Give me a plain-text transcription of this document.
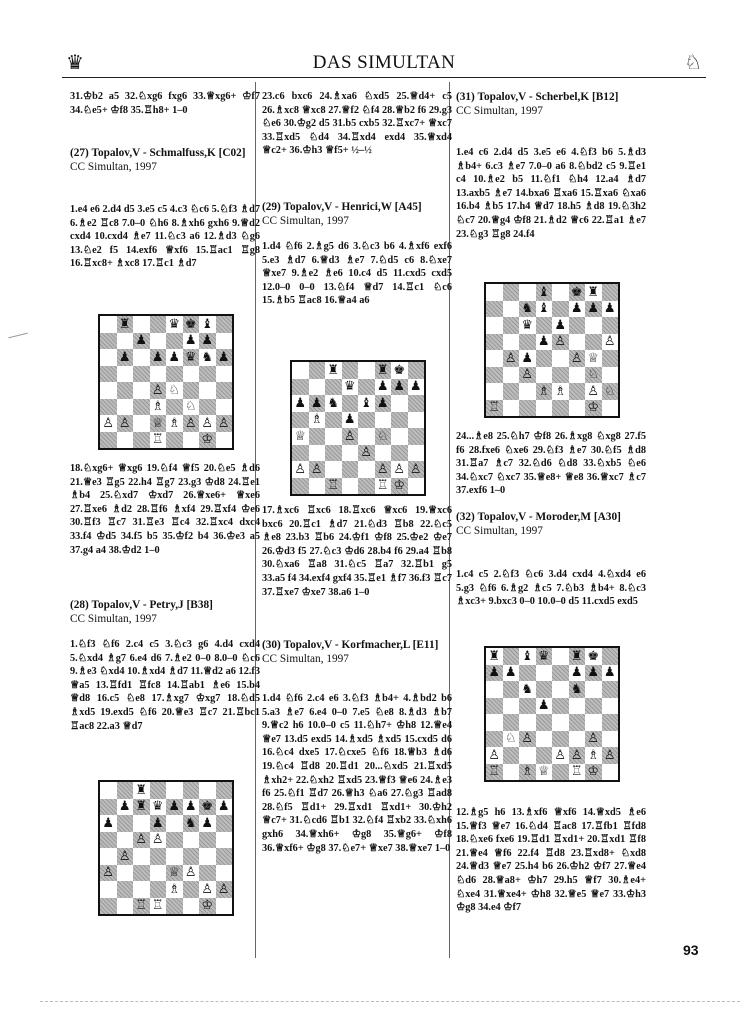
♛	DAS SIMULTAN	♘
31.♔b2 a5 32.♘xg6 fxg6 33.♕xg6+ ♔f7 34.♘e5+ ♔f8 35.♖h8+ 1–0
(27) Topalov,V - Schmalfuss,K [C02]
CC Simultan, 1997
1.e4 e6 2.d4 d5 3.e5 c5 4.c3 ♘c6 5.♘f3 ♗d7 6.♗e2 ♖c8 7.0–0 ♘h6 8.♗xh6 gxh6 9.♕d2 cxd4 10.cxd4 ♗e7 11.♘c3 a6 12.♗d3 ♘g6 13.♘e2 f5 14.exf6 ♕xf6 15.♖ac1 ♖g8 16.♖xc8+ ♗xc8 17.♖c1 ♗d7
♜	♛ ♚ ♝
♟	♟ ♟
♟ ♟ ♟ ♛ ♞ ♟
♙ ♘
♗ ♘
♙ ♙ ♕ ♗ ♙ ♙ ♙
♖	♔
18.♘xg6+ ♕xg6 19.♘f4 ♕f5 20.♘e5 ♗d6 21.♕e3 ♖g5 22.h4 ♖g7 23.g3 ♔d8 24.♖e1 ♗b4 25.♘xd7 ♔xd7 26.♕xe6+ ♕xe6 27.♖xe6 ♗d2 28.♖f6 ♗xf4 29.♖xf4 ♔e6 30.♖f3 ♖c7 31.♖e3 ♖c4 32.♖xc4 dxc4 33.f4 ♔d5 34.f5 b5 35.♔f2 b4 36.♔e3 a5 37.g4 a4 38.♔d2 1–0
(28) Topalov,V - Petry,J [B38]
CC Simultan, 1997
1.♘f3 ♘f6 2.c4 c5 3.♘c3 g6 4.d4 cxd4 5.♘xd4 ♗g7 6.e4 d6 7.♗e2 0–0 8.0–0 ♘c6 9.♗e3 ♘xd4 10.♗xd4 ♗d7 11.♕d2 a6 12.f3 ♕a5 13.♖fd1 ♖fc8 14.♖ab1 ♗e6 15.b4 ♕d8 16.c5 ♘e8 17.♗xg7 ♔xg7 18.♘d5 ♗xd5 19.exd5 ♘f6 20.♕e3 ♖c7 21.♖bc1 ♖ac8 22.a3 ♕d7
♜
♟ ♜ ♛ ♟ ♟ ♚ ♟
♟	♟ ♞ ♟
♙ ♙
♙
♙	♕ ♙
♗ ♙ ♙
♖ ♖	♔
23.c6 bxc6 24.♗xa6 ♘xd5 25.♕d4+ c5 26.♗xc8 ♕xc8 27.♕f2 ♘f4 28.♕b2 f6 29.g3 ♘e6 30.♔g2 d5 31.b5 cxb5 32.♖xc7+ ♕xc7 33.♖xd5 ♘d4 34.♖xd4 exd4 35.♕xd4 ♕c2+ 36.♔h3 ♕f5+ ½–½
(29) Topalov,V - Henrici,W [A45]
CC Simultan, 1997
1.d4 ♘f6 2.♗g5 d6 3.♘c3 b6 4.♗xf6 exf6 5.e3 ♗d7 6.♕d3 ♗e7 7.♘d5 c6 8.♘xe7 ♕xe7 9.♗e2 ♗e6 10.c4 d5 11.cxd5 cxd5 12.0–0 0–0 13.♘f4 ♕d7 14.♖c1 ♘c6 15.♗b5 ♖ac8 16.♕a4 a6
♜	♜ ♚
♛ ♟ ♟ ♟
♟ ♟ ♞ ♝ ♟
♗ ♟
♕	♙ ♘
♙
♙ ♙	♙ ♙ ♙
♖	♖ ♔
17.♗xc6 ♖xc6 18.♖xc6 ♕xc6 19.♕xc6 bxc6 20.♖c1 ♗d7 21.♘d3 ♖b8 22.♘c5 ♗e8 23.b3 ♖b6 24.♔f1 ♔f8 25.♔e2 ♔e7 26.♔d3 f5 27.♘c3 ♔d6 28.b4 f6 29.a4 ♖b8 30.♘xa6 ♖a8 31.♘c5 ♖a7 32.♖b1 g5 33.a5 f4 34.exf4 gxf4 35.♖e1 ♗f7 36.f3 ♖c7 37.♖xe7 ♔xe7 38.a6 1–0
(30) Topalov,V - Korfmacher,L [E11]
CC Simultan, 1997
1.d4 ♘f6 2.c4 e6 3.♘f3 ♗b4+ 4.♗bd2 b6 5.a3 ♗e7 6.e4 0–0 7.e5 ♘e8 8.♗d3 ♗b7 9.♕c2 h6 10.0–0 c5 11.♘h7+ ♔h8 12.♕e4 ♕e7 13.d5 exd5 14.♗xd5 ♗xd5 15.cxd5 d6 16.♘c4 dxe5 17.♘cxe5 ♘f6 18.♕b3 ♗d6 19.♘c4 ♖d8 20.♖d1 20...♘xd5 21.♖xd5 ♗xh2+ 22.♘xh2 ♖xd5 23.♕f3 ♕e6 24.♗e3 f6 25.♘f1 ♖d7 26.♕h3 ♘a6 27.♘g3 ♖ad8 28.♘f5 ♖d1+ 29.♖xd1 ♖xd1+ 30.♔h2 ♕c7+ 31.♘cd6 ♖b1 32.♘f4 ♖xb2 33.♘xh6 gxh6 34.♕xh6+ ♔g8 35.♕g6+ ♔f8 36.♕xf6+ ♔g8 37.♘e7+ ♕xe7 38.♕xe7 1–0
(31) Topalov,V - Scherbel,K [B12]
CC Simultan, 1997
1.e4 c6 2.d4 d5 3.e5 e6 4.♘f3 b6 5.♗d3 ♗b4+ 6.c3 ♗e7 7.0–0 a6 8.♘bd2 c5 9.♖e1 c4 10.♗e2 b5 11.♘f1 ♘h4 12.a4 ♗d7 13.axb5 ♗e7 14.bxa6 ♖xa6 15.♖xa6 ♘xa6 16.b4 ♗b5 17.h4 ♕d7 18.h5 ♗d8 19.♘3h2 ♘c7 20.♕g4 ♔f8 21.♗d2 ♕c6 22.♖a1 ♗e7 23.♘g3 ♖g8 24.f4
♝ ♚ ♜
♞ ♝ ♟ ♟ ♟
♛ ♟
♟ ♙	♙
♙ ♟	♙ ♕
♙	♘
♗ ♗ ♙ ♘
♖	♔
24...♗e8 25.♘h7 ♔f8 26.♗xg8 ♘xg8 27.f5 f6 28.fxe6 ♘xe6 29.♘f3 ♗e7 30.♘f5 ♗d8 31.♖a7 ♗c7 32.♘d6 ♘d8 33.♘xb5 ♘e6 34.♘xc7 ♘xc7 35.♕e8+ ♕e8 36.♕xc7 ♗c7 37.exf6 1–0
(32) Topalov,V - Moroder,M [A30]
CC Simultan, 1997
1.c4 c5 2.♘f3 ♘c6 3.d4 cxd4 4.♘xd4 e6 5.g3 ♘f6 6.♗g2 ♗c5 7.♘b3 ♗b4+ 8.♘c3 ♗xc3+ 9.bxc3 0–0 10.0–0 d5 11.cxd5 exd5
♜ ♝ ♛ ♜ ♚
♟ ♟	♟ ♟ ♟
♞	♞
♟
♘ ♙	♙
♙	♙ ♙ ♗ ♙
♖ ♗ ♕ ♖ ♔
12.♗g5 h6 13.♗xf6 ♕xf6 14.♕xd5 ♗e6 15.♕f3 ♕e7 16.♘d4 ♖ac8 17.♖fb1 ♖fd8 18.♘xe6 fxe6 19.♖d1 ♖xd1+ 20.♖xd1 ♖f8 21.♕e4 ♕f6 22.f4 ♖d8 23.♖xd8+ ♘xd8 24.♕d3 ♕e7 25.h4 b6 26.♔h2 ♔f7 27.♕e4 ♘d6 28.♕a8+ ♔h7 29.h5 ♕f7 30.♗e4+ ♘xe4 31.♕xe4+ ♔h8 32.♕e5 ♕e7 33.♔h3 ♔g8 34.e4 ♔f7
93
